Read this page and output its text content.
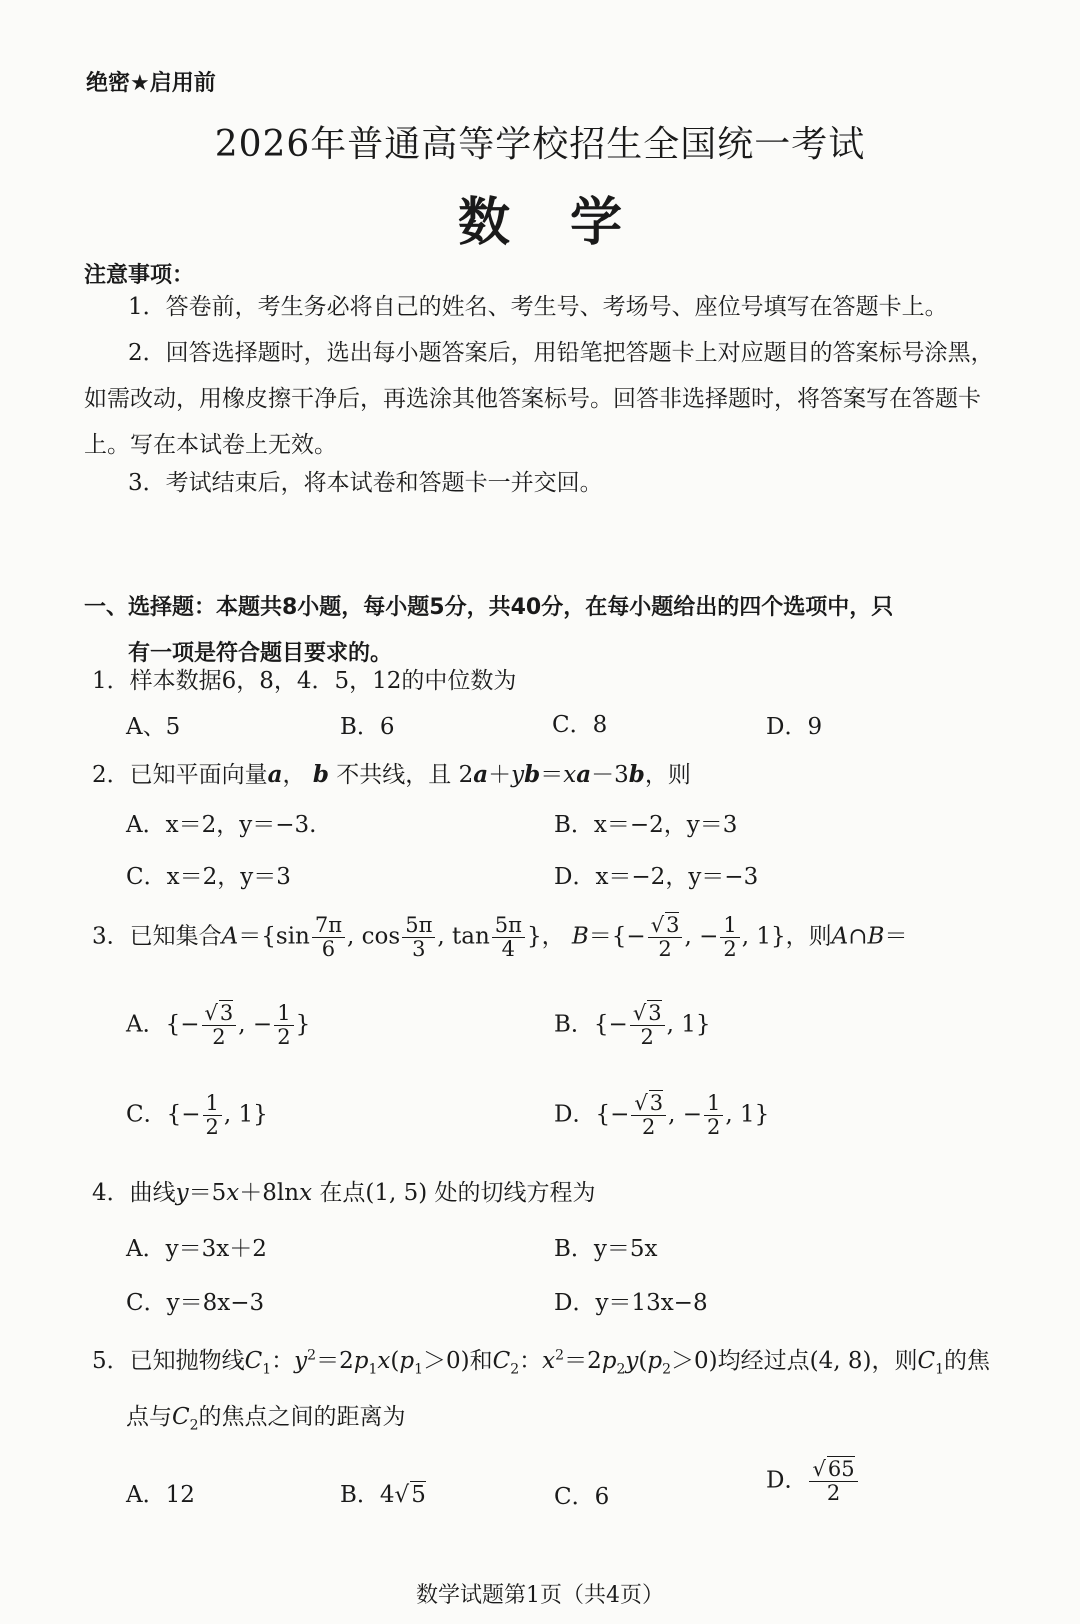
绝密★启用前
2026年普通高等学校招生全国统一考试
数学
注意事项：
1．答卷前，考生务必将自己的姓名、考生号、考场号、座位号填写在答题卡上。
2．回答选择题时，选出每小题答案后，用铅笔把答题卡上对应题目的答案标号涂黑，如需改动，用橡皮擦干净后，再选涂其他答案标号。回答非选择题时，将答案写在答题卡上。写在本试卷上无效。
3．考试结束后，将本试卷和答题卡一并交回。
一、选择题：本题共8小题，每小题5分，共40分，在每小题给出的四个选项中，只
有一项是符合题目要求的。
1．样本数据6，8，4．5，12的中位数为
A、5	B．6	C．8	D．9
2．已知平面向量a， b 不共线，且 2a＋yb＝xa－3b，则
A．x＝2，y＝−3.	B．x＝−2，y＝3
C．x＝2，y＝3	D．x＝−2，y＝−3
3．已知集合$A=\{\sin \frac{7\pi}{6}$ , $\cos \frac{5\pi}{3}$ , $\tan \frac{5\pi}{4}$ }， $B=\{- \frac{√3}{2}$ , − $\frac{1}{2}$ , 1}，则A∩B＝
A．{− $\frac{√3}{2}$ , − $\frac{1}{2}$ }	B．{− $\frac{√3}{2}$ , 1}
C．{− $\frac{1}{2}$ , 1}	D．{− $\frac{√3}{2}$ , − $\frac{1}{2}$ , 1}
4．曲线y＝5x＋8lnx 在点(1, 5) 处的切线方程为
A．y＝3x＋2	B．y＝5x
C．y＝8x−3	D．y＝13x−8
5．已知抛物线$C_1$：$y^2=2p_1x(p_1>0)$和$C_2$：$x^2=2p_2y(p_2>0)$均经过点(4, 8)，则$C_1$的焦
点与$C_2$的焦点之间的距离为
A．12	B．4√5	C．6
D． $\frac{√65}{2}$
数学试题第1页（共4页）
